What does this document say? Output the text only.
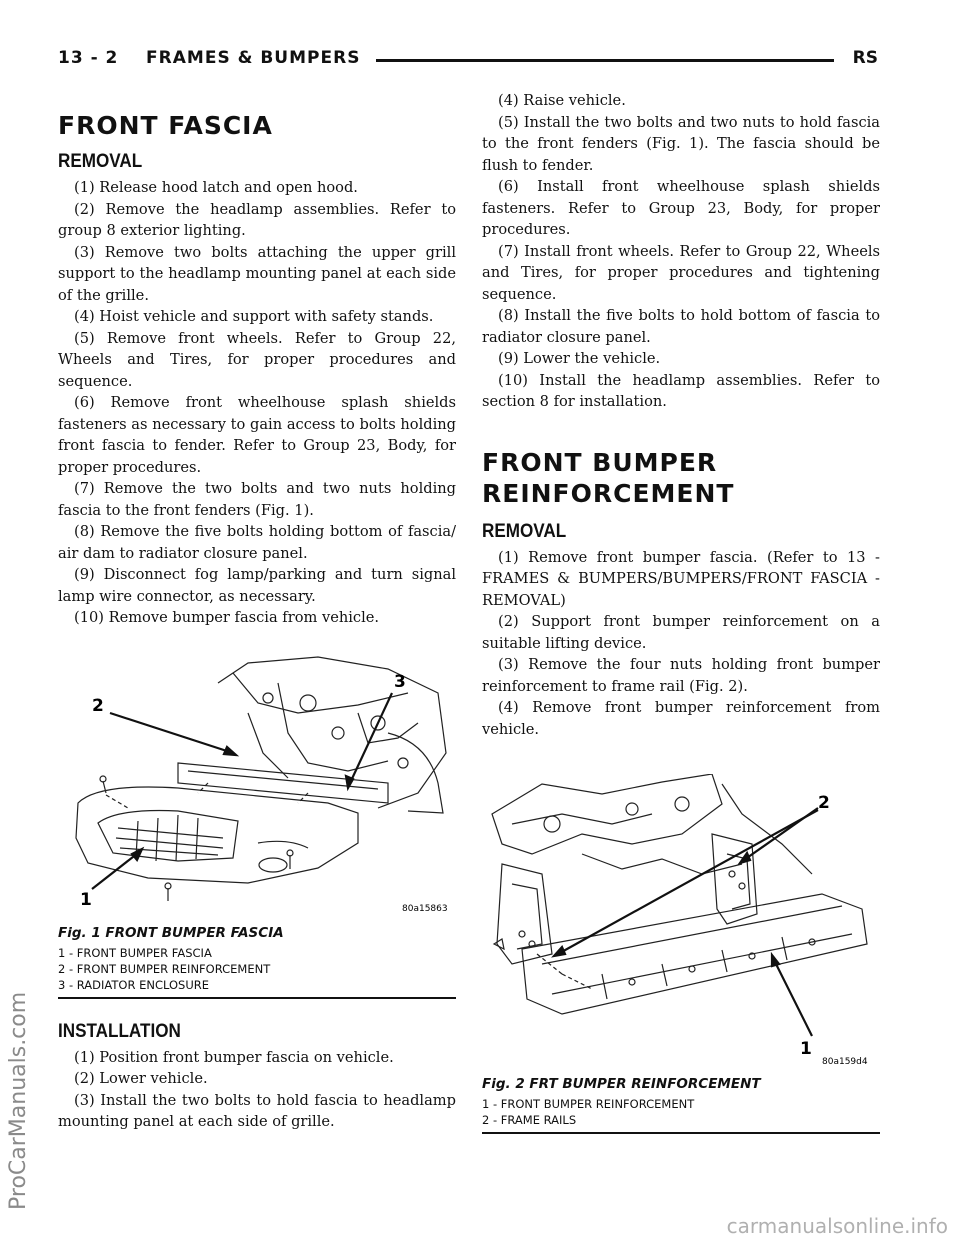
13 - 2    FRAMES & BUMPERS	RS
ProCarManuals.com
carmanualsonline.info
FRONT FASCIA
REMOVAL

(1) Release hood latch and open hood.

(2) Remove the headlamp assemblies. Refer to group 8 exterior lighting.

(3) Remove two bolts attaching the upper grill support to the headlamp mounting panel at each side of the grille.

(4) Hoist vehicle and support with safety stands.

(5) Remove front wheels. Refer to Group 22, Wheels and Tires, for proper procedures and sequence.

(6) Remove front wheelhouse splash shields fasteners as necessary to gain access to bolts holding front fascia to fender. Refer to Group 23, Body, for proper procedures.

(7) Remove the two bolts and two nuts holding fascia to the front fenders (Fig. 1).

(8) Remove the five bolts holding bottom of fascia/ air dam to radiator closure panel.

(9) Disconnect fog lamp/parking and turn signal lamp wire connector, as necessary.

(10) Remove bumper fascia from vehicle.

2
3
1	80a15863
Fig. 1 FRONT BUMPER FASCIA
1 - FRONT BUMPER FASCIA
2 - FRONT BUMPER REINFORCEMENT
3 - RADIATOR ENCLOSURE
INSTALLATION

(1) Position front bumper fascia on vehicle.

(2) Lower vehicle.

(3) Install the two bolts to hold fascia to headlamp mounting panel at each side of grille.

(4) Raise vehicle.

(5) Install the two bolts and two nuts to hold fascia to the front fenders (Fig. 1). The fascia should be flush to fender.

(6) Install front wheelhouse splash shields fasteners. Refer to Group 23, Body, for proper procedures.

(7) Install front wheels. Refer to Group 22, Wheels and Tires, for proper procedures and tightening sequence.

(8) Install the five bolts to hold bottom of fascia to radiator closure panel.

(9) Lower the vehicle.

(10) Install the headlamp assemblies. Refer to section 8 for installation.

FRONT BUMPER
REINFORCEMENT
REMOVAL

(1) Remove front bumper fascia. (Refer to 13 - FRAMES & BUMPERS/BUMPERS/FRONT FASCIA - REMOVAL)

(2) Support front bumper reinforcement on a suitable lifting device.

(3) Remove the four nuts holding front bumper reinforcement to frame rail (Fig. 2).

(4) Remove front bumper reinforcement from vehicle.

2
1
80a159d4
Fig. 2 FRT BUMPER REINFORCEMENT
1 - FRONT BUMPER REINFORCEMENT
2 - FRAME RAILS
